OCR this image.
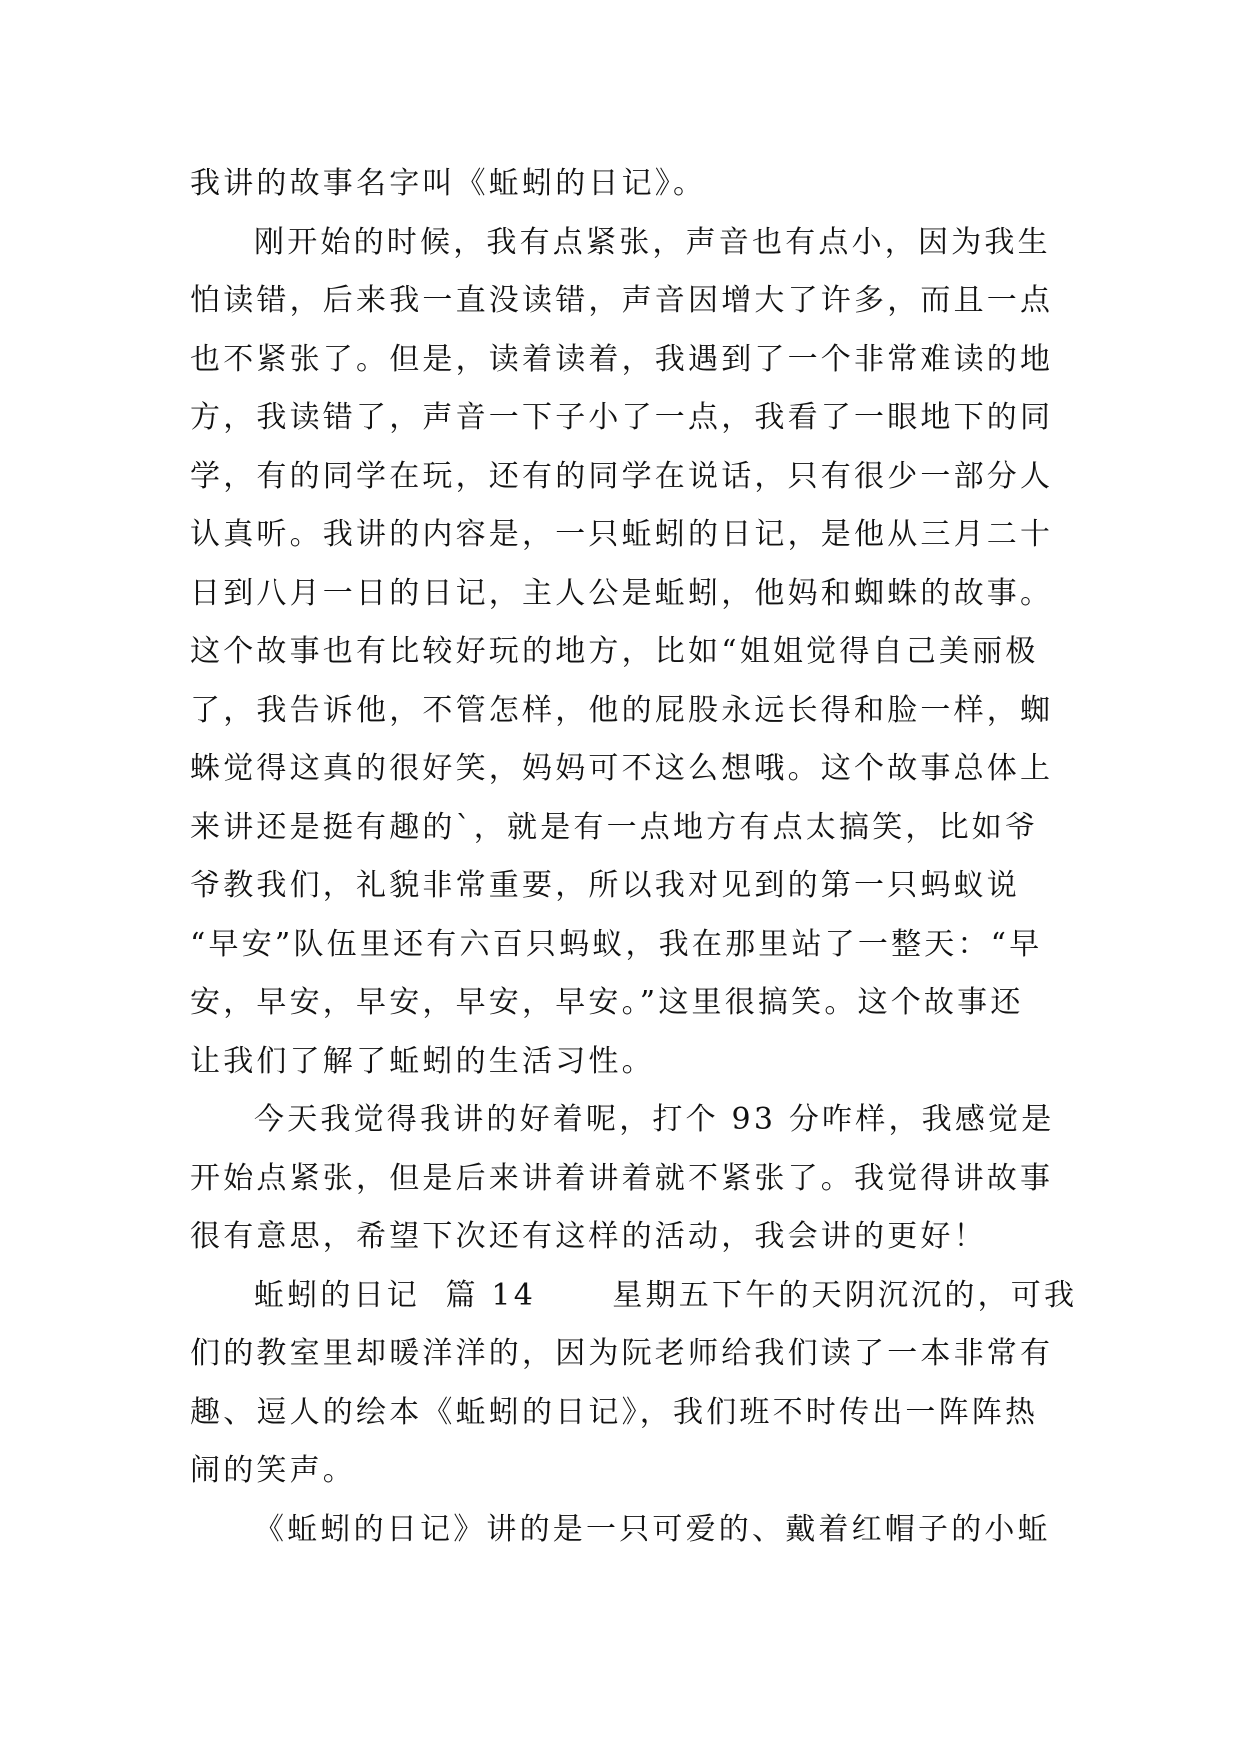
我讲的故事名字叫《蚯蚓的日记》。
刚开始的时候，我有点紧张，声音也有点小，因为我生
怕读错，后来我一直没读错，声音因增大了许多，而且一点
也不紧张了。但是，读着读着，我遇到了一个非常难读的地
方，我读错了，声音一下子小了一点，我看了一眼地下的同
学，有的同学在玩，还有的同学在说话，只有很少一部分人
认真听。我讲的内容是，一只蚯蚓的日记，是他从三月二十
日到八月一日的日记，主人公是蚯蚓，他妈和蜘蛛的故事。
这个故事也有比较好玩的地方，比如“姐姐觉得自己美丽极
了，我告诉他，不管怎样，他的屁股永远长得和脸一样，蜘
蛛觉得这真的很好笑，妈妈可不这么想哦。这个故事总体上
来讲还是挺有趣的`，就是有一点地方有点太搞笑，比如爷
爷教我们，礼貌非常重要，所以我对见到的第一只蚂蚁说
“早安”队伍里还有六百只蚂蚁，我在那里站了一整天：“早
安，早安，早安，早安，早安。”这里很搞笑。这个故事还
让我们了解了蚯蚓的生活习性。
今天我觉得我讲的好着呢，打个 93 分咋样，我感觉是
开始点紧张，但是后来讲着讲着就不紧张了。我觉得讲故事
很有意思，希望下次还有这样的活动，我会讲的更好！
蚯蚓的日记  篇 14      星期五下午的天阴沉沉的，可我
们的教室里却暖洋洋的，因为阮老师给我们读了一本非常有
趣、逗人的绘本《蚯蚓的日记》，我们班不时传出一阵阵热
闹的笑声。
《蚯蚓的日记》讲的是一只可爱的、戴着红帽子的小蚯
